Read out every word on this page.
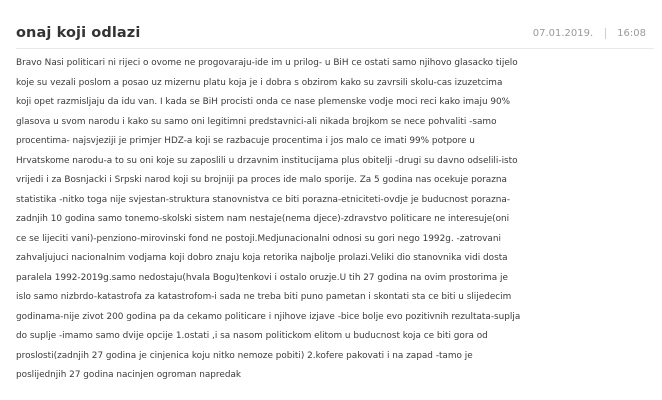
onaj koji odlazi	07.01.2019. 16:08

Bravo Nasi politicari ni rijeci o ovome ne progovaraju-ide im u prilog- u BiH ce ostati samo njihovo glasacko tijelo
koje su vezali poslom a posao uz mizernu platu koja je i dobra s obzirom kako su zavrsili skolu-cas izuzetcima
koji opet razmisljaju da idu van. I kada se BiH procisti onda ce nase plemenske vodje moci reci kako imaju 90%
glasova u svom narodu i kako su samo oni legitimni predstavnici-ali nikada brojkom se nece pohvaliti -samo
procentima- najsvjeziji je primjer HDZ-a koji se razbacuje procentima i jos malo ce imati 99% potpore u
Hrvatskome narodu-a to su oni koje su zaposlili u drzavnim institucijama plus obitelji -drugi su davno odselili-isto
vrijedi i za Bosnjacki i Srpski narod koji su brojniji pa proces ide malo sporije. Za 5 godina nas ocekuje porazna
statistika -nitko toga nije svjestan-struktura stanovnistva ce biti porazna-etniciteti-ovdje je buducnost porazna-
zadnjih 10 godina samo tonemo-skolski sistem nam nestaje(nema djece)-zdravstvo politicare ne interesuje(oni
ce se lijeciti vani)-penziono-mirovinski fond ne postoji.Medjunacionalni odnosi su gori nego 1992g. -zatrovani
zahvaljujuci nacionalnim vodjama koji dobro znaju koja retorika najbolje prolazi.Veliki dio stanovnika vidi dosta
paralela 1992-2019g.samo nedostaju(hvala Bogu)tenkovi i ostalo oruzje.U tih 27 godina na ovim prostorima je
islo samo nizbrdo-katastrofa za katastrofom-i sada ne treba biti puno pametan i skontati sta ce biti u slijedecim
godinama-nije zivot 200 godina pa da cekamo politicare i njihove izjave -bice bolje evo pozitivnih rezultata-suplja
do suplje -imamo samo dvije opcije 1.ostati ,i sa nasom politickom elitom u buducnost koja ce biti gora od
proslosti(zadnjih 27 godina je cinjenica koju nitko nemoze pobiti) 2.kofere pakovati i na zapad -tamo je
poslijednjih 27 godina nacinjen ogroman napredak
